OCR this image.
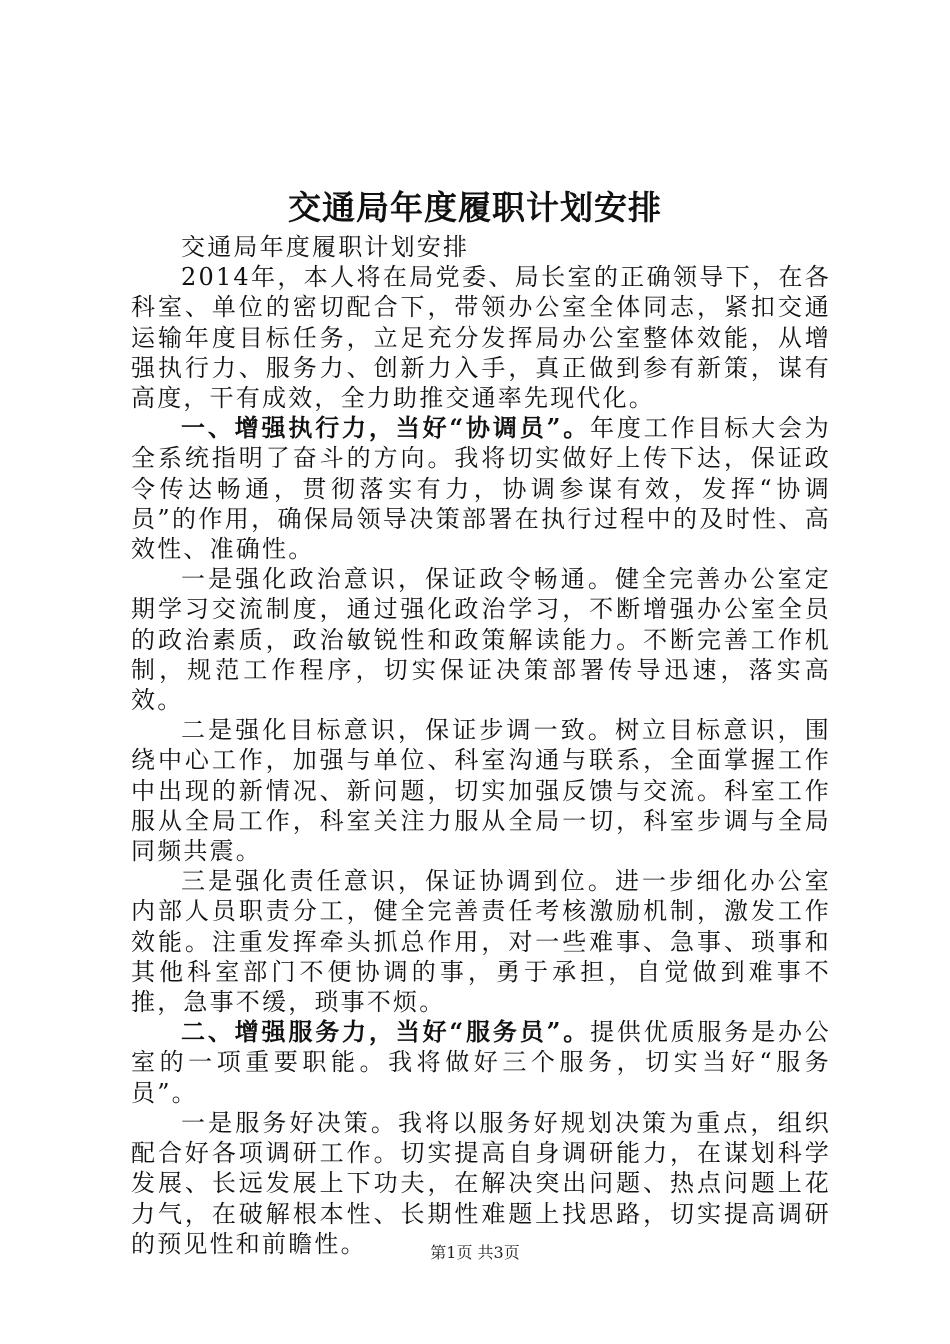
交通局年度履职计划安排

交通局年度履职计划安排

2014年，本人将在局党委、局长室的正确领导下，在各科室、单位的密切配合下，带领办公室全体同志，紧扣交通运输年度目标任务，立足充分发挥局办公室整体效能，从增强执行力、服务力、创新力入手，真正做到参有新策，谋有高度，干有成效，全力助推交通率先现代化。

一、增强执行力，当好“协调员”。年度工作目标大会为全系统指明了奋斗的方向。我将切实做好上传下达，保证政令传达畅通，贯彻落实有力，协调参谋有效，发挥“协调员”的作用，确保局领导决策部署在执行过程中的及时性、高效性、准确性。

一是强化政治意识，保证政令畅通。健全完善办公室定期学习交流制度，通过强化政治学习，不断增强办公室全员的政治素质，政治敏锐性和政策解读能力。不断完善工作机制，规范工作程序，切实保证决策部署传导迅速，落实高效。

二是强化目标意识，保证步调一致。树立目标意识，围绕中心工作，加强与单位、科室沟通与联系，全面掌握工作中出现的新情况、新问题，切实加强反馈与交流。科室工作服从全局工作，科室关注力服从全局一切，科室步调与全局同频共震。

三是强化责任意识，保证协调到位。进一步细化办公室内部人员职责分工，健全完善责任考核激励机制，激发工作效能。注重发挥牵头抓总作用，对一些难事、急事、琐事和其他科室部门不便协调的事，勇于承担，自觉做到难事不推，急事不缓，琐事不烦。

二、增强服务力，当好“服务员”。提供优质服务是办公室的一项重要职能。我将做好三个服务，切实当好“服务员”。

一是服务好决策。我将以服务好规划决策为重点，组织配合好各项调研工作。切实提高自身调研能力，在谋划科学发展、长远发展上下功夫，在解决突出问题、热点问题上花力气，在破解根本性、长期性难题上找思路，切实提高调研的预见性和前瞻性。	第1页 共3页
